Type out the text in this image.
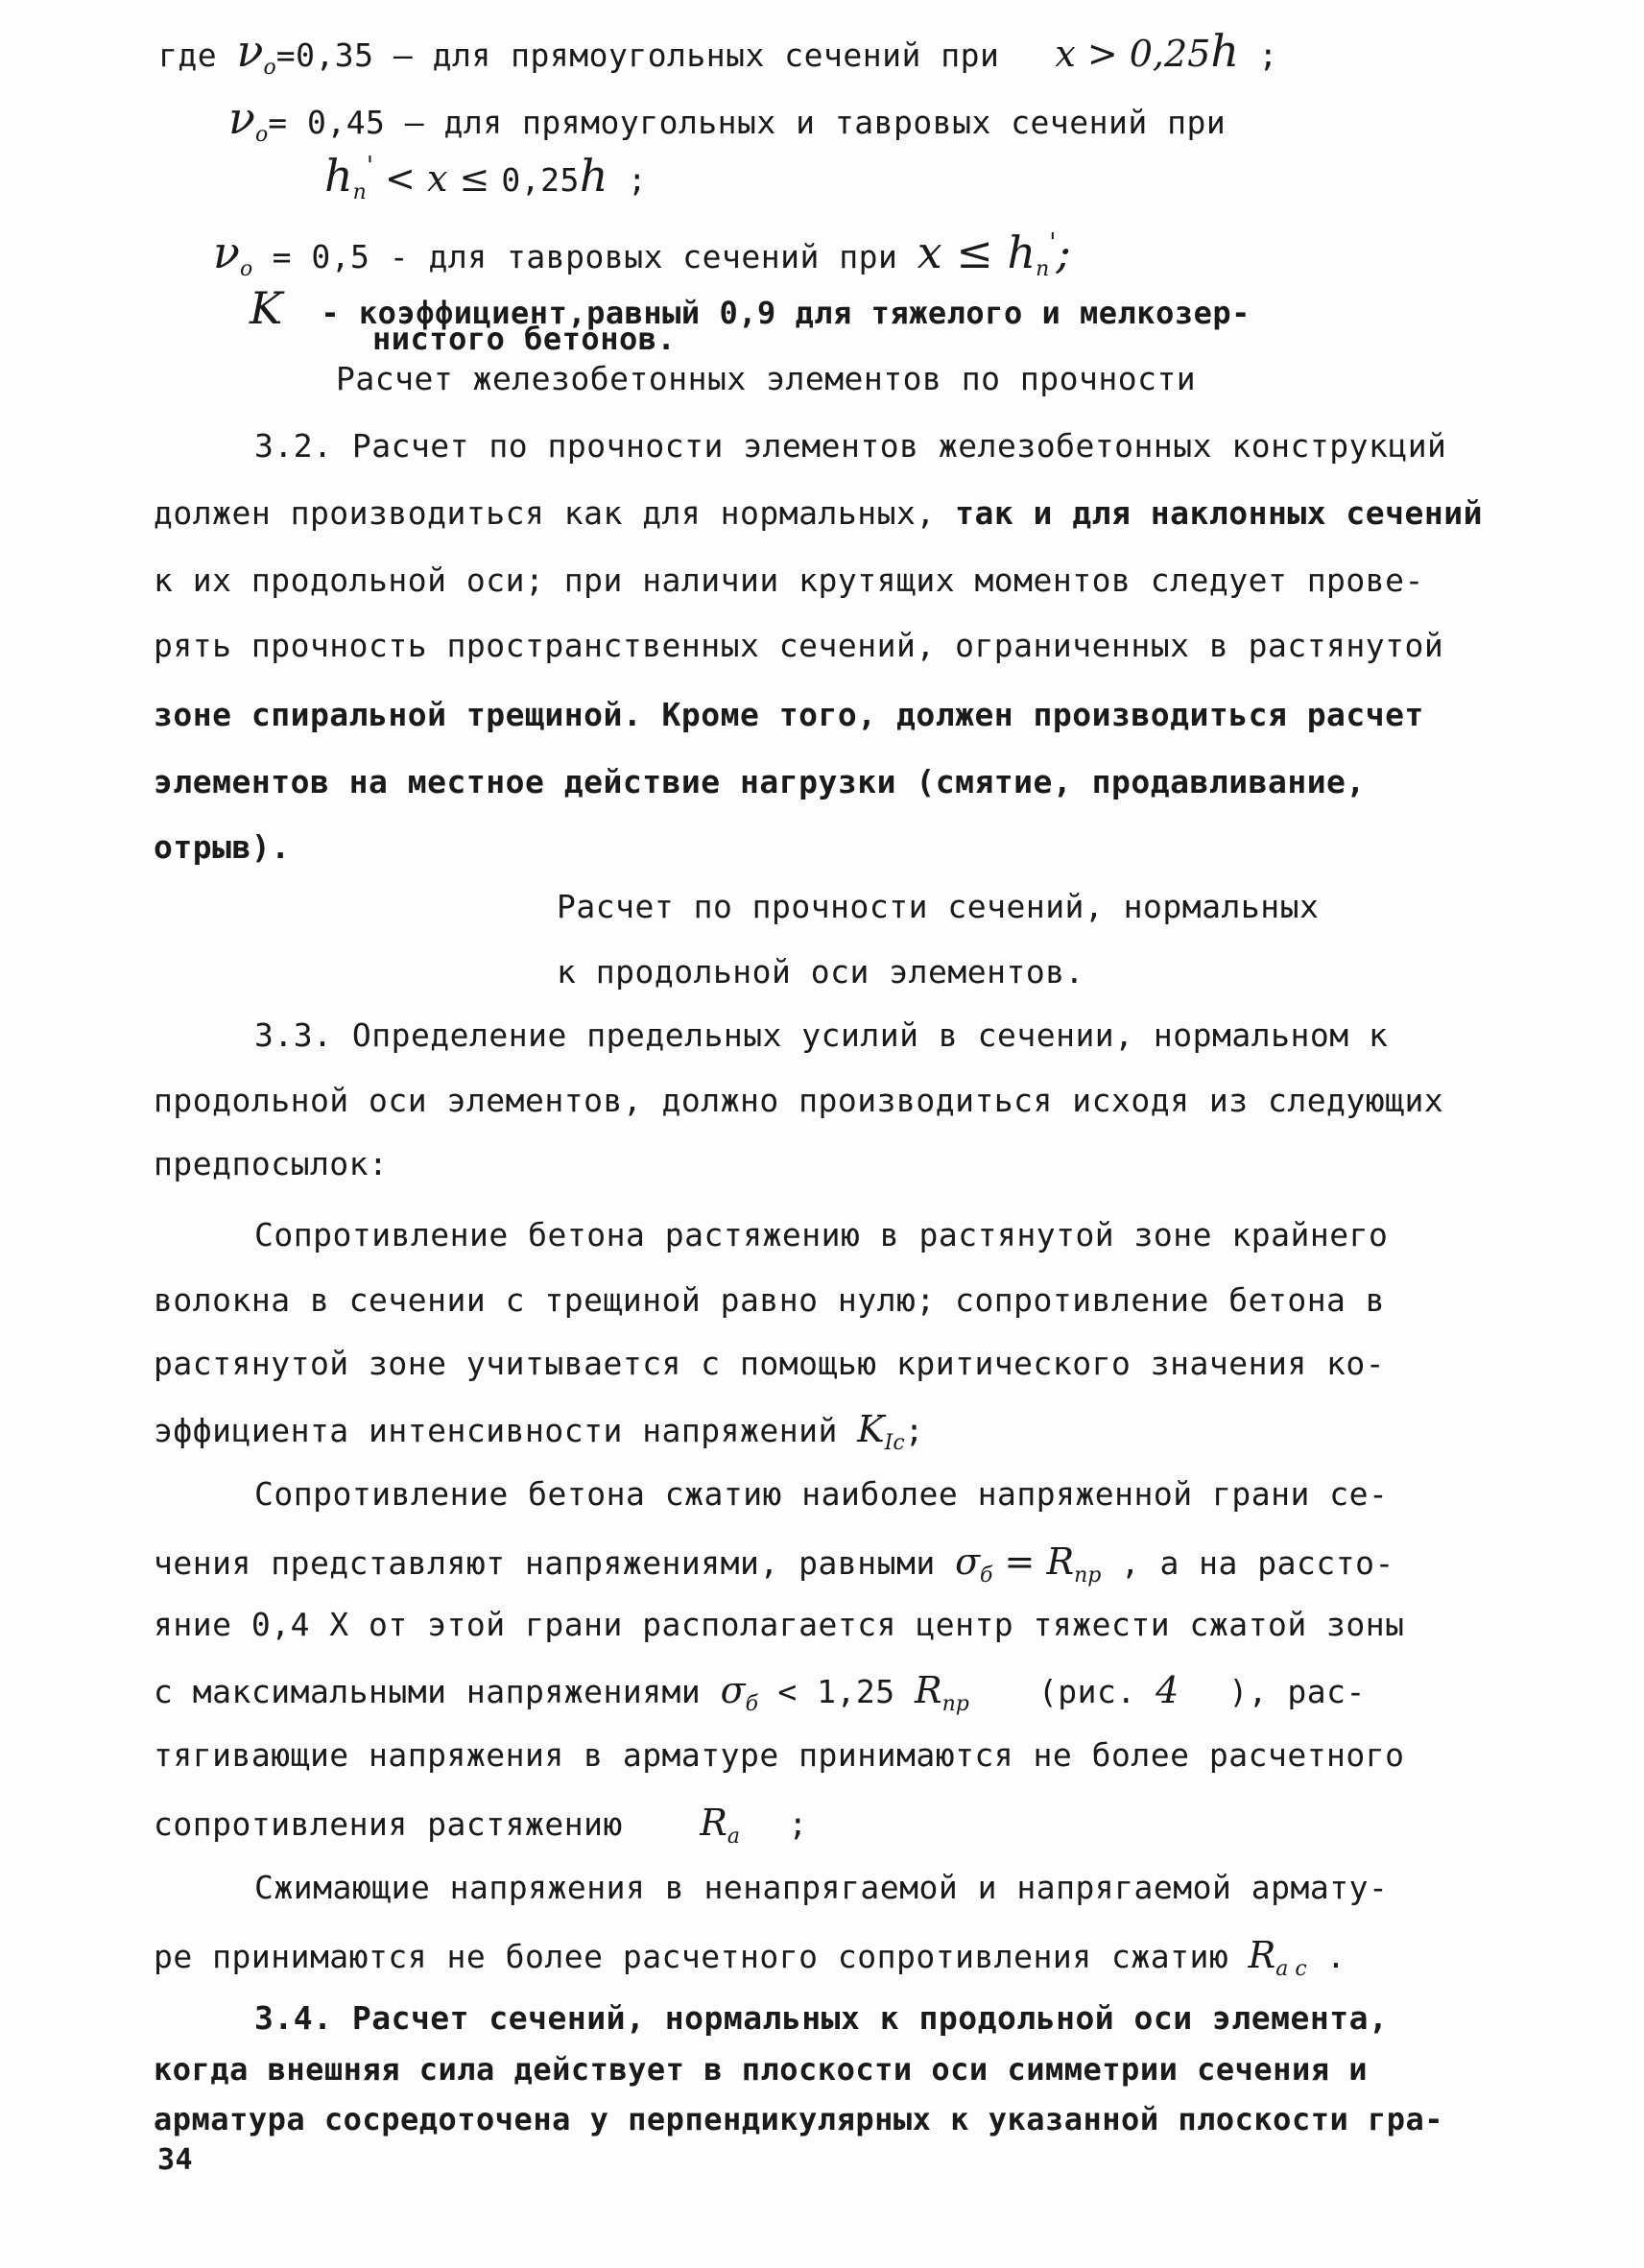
где $\nu_o=0,35$ — для прямоугольных сечений при x > 0,25h ;
$\nu_o= 0,45$ – для прямоугольных и тавровых сечений при
$h_п' < x \le 0,25h$ ;
$\nu_o = 0,5$ - для тавровых сечений при $x \le h_п'$;
K - коэффициент,равный 0,9 для тяжелого и мелкозер-
нистого бетонов.
Расчет железобетонных элементов по прочности
3.2. Расчет по прочности элементов железобетонных конструкций
должен производиться как для нормальных, так и для наклонных сечений
к их продольной оси; при наличии крутящих моментов следует прове-
рять прочность пространственных сечений, ограниченных в растянутой
зоне спиральной трещиной. Кроме того, должен производиться расчет
элементов на местное действие нагрузки (смятие, продавливание,
отрыв).
Расчет по прочности сечений, нормальных
к продольной оси элементов.
3.3. Определение предельных усилий в сечении, нормальном к
продольной оси элементов, должно производиться исходя из следующих
предпосылок:
Сопротивление бетона растяжению в растянутой зоне крайнего
волокна в сечении с трещиной равно нулю; сопротивление бетона в
растянутой зоне учитывается с помощью критического значения ко-
эффициента интенсивности напряжений $K_{Ic}$;
Сопротивление бетона сжатию наиболее напряженной грани се-
чения представляют напряжениями, равными $\sigma_б = R_{пр}$ , а на рассто-
яние 0,4 X от этой грани располагается центр тяжести сжатой зоны
с максимальными напряжениями $\sigma_б < 1,25$ $R_{пр}$ (рис. 4 ), рас-
тягивающие напряжения в арматуре принимаются не более расчетного
сопротивления растяжению $R_a$ ;
Сжимающие напряжения в ненапрягаемой и напрягаемой армату-
ре принимаются не более расчетного сопротивления сжатию $R_{a c}$ .
3.4. Расчет сечений, нормальных к продольной оси элемента,
когда внешняя сила действует в плоскости оси симметрии сечения и
арматура сосредоточена у перпендикулярных к указанной плоскости гра-
34
